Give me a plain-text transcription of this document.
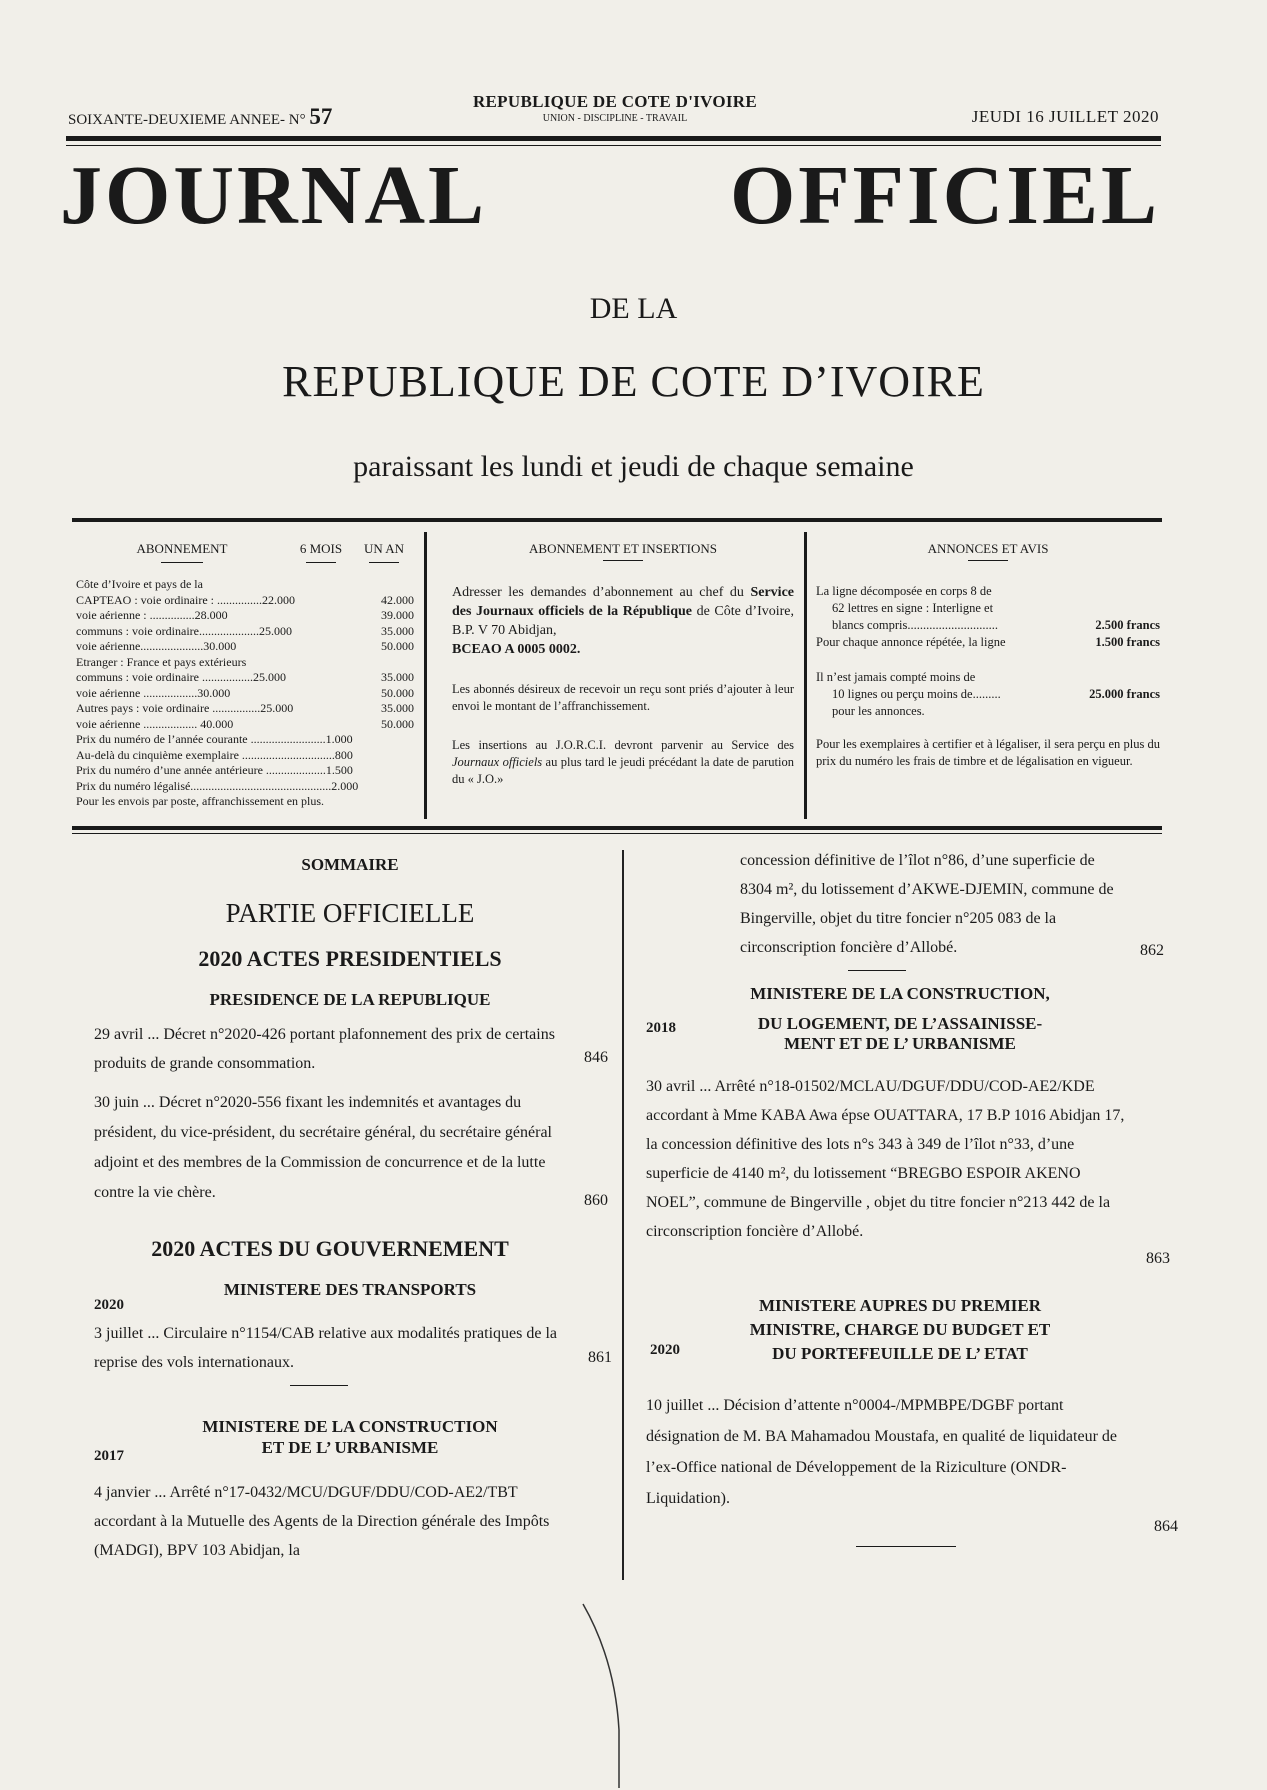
SOIXANTE-DEUXIEME ANNEE- N° 57
REPUBLIQUE DE COTE D'IVOIRE
UNION - DISCIPLINE - TRAVAIL	JEUDI 16 JUILLET 2020
JOURNAL	OFFICIEL
DE LA
REPUBLIQUE DE COTE D’IVOIRE
paraissant les lundi et jeudi de chaque semaine
ABONNEMENT	6 MOIS	UN AN
Côte d’Ivoire et pays de la	
CAPTEAO : voie ordinaire : ...............22.000	42.000
voie aérienne : ...............28.000	39.000
communs : voie ordinaire....................25.000	35.000
voie aérienne.....................30.000	50.000
Etranger : France et pays extérieurs	
communs : voie ordinaire .................25.000	35.000
voie aérienne ..................30.000	50.000
Autres pays : voie ordinaire ................25.000	35.000
voie aérienne .................. 40.000	50.000
Prix du numéro de l’année courante .........................1.000	
Au-delà du cinquième exemplaire ...............................800	
Prix du numéro d’une année antérieure ....................1.500	
Prix du numéro légalisé...............................................2.000	
Pour les envois par poste, affranchissement en plus.	
ABONNEMENT ET INSERTIONS

Adresser les demandes d’abonnement au chef du Service des Journaux officiels de la République de Côte d’Ivoire, B.P. V 70 Abidjan,
BCEAO A 0005 0002.

Les abonnés désireux de recevoir un reçu sont priés d’ajouter à leur envoi le montant de l’affranchissement.

Les insertions au J.O.R.C.I. devront parvenir au Service des Journaux officiels au plus tard le jeudi précédant la date de parution du « J.O.»

ANNONCES ET AVIS
La ligne décomposée en corps 8 de
62 lettres en signe : Interligne et
blancs compris.............................	2.500 francs
Pour chaque annonce répétée, la ligne	1.500 francs
Il n’est jamais compté moins de
10 lignes ou perçu moins de.........	25.000 francs
pour les annonces.
Pour les exemplaires à certifier et à légaliser, il sera perçu en plus du prix du numéro les frais de timbre et de légalisation en vigueur.
SOMMAIRE
PARTIE OFFICIELLE
2020 ACTES PRESIDENTIELS
PRESIDENCE DE LA REPUBLIQUE
29 avril ... Décret n°2020-426 portant plafonnement des prix de certains produits de grande consommation.	846
30 juin ... Décret n°2020-556 fixant les indemnités et avantages du président, du vice-président, du secrétaire général, du secrétaire général adjoint et des membres de la Commission de concurrence et de la lutte contre la vie chère.	860
2020 ACTES DU GOUVERNEMENT
MINISTERE DES TRANSPORTS
2020
3 juillet ... Circulaire n°1154/CAB relative aux modalités pratiques de la reprise des vols internationaux.	861
MINISTERE DE LA CONSTRUCTION
ET DE L’ URBANISME
2017
4 janvier ... Arrêté n°17-0432/MCU/DGUF/DDU/COD-AE2/TBT accordant à la Mutuelle des Agents de la Direction générale des Impôts (MADGI), BPV 103 Abidjan, la
concession définitive de l’îlot n°86, d’une superficie de 8304 m², du lotissement d’AKWE-DJEMIN, commune de Bingerville, objet du titre foncier n°205 083 de la circonscription foncière d’Allobé.	862
MINISTERE DE LA CONSTRUCTION,
DU LOGEMENT, DE L’ASSAINISSE-
MENT ET DE L’ URBANISME
2018
30 avril ... Arrêté n°18-01502/MCLAU/DGUF/DDU/COD-AE2/KDE accordant à Mme KABA Awa épse OUATTARA, 17 B.P 1016 Abidjan 17, la concession définitive des lots n°s 343 à 349 de l’îlot n°33, d’une superficie de 4140 m², du lotissement “BREGBO ESPOIR AKENO NOEL”, commune de Bingerville , objet du titre foncier n°213 442 de la circonscription foncière d’Allobé.
863
MINISTERE AUPRES DU PREMIER
MINISTRE, CHARGE DU BUDGET ET
DU PORTEFEUILLE DE L’ ETAT
2020
10 juillet ... Décision d’attente n°0004-/MPMBPE/DGBF portant désignation de M. BA Mahamadou Moustafa, en qualité de liquidateur de l’ex-Office national de Développement de la Riziculture (ONDR-Liquidation).
864
